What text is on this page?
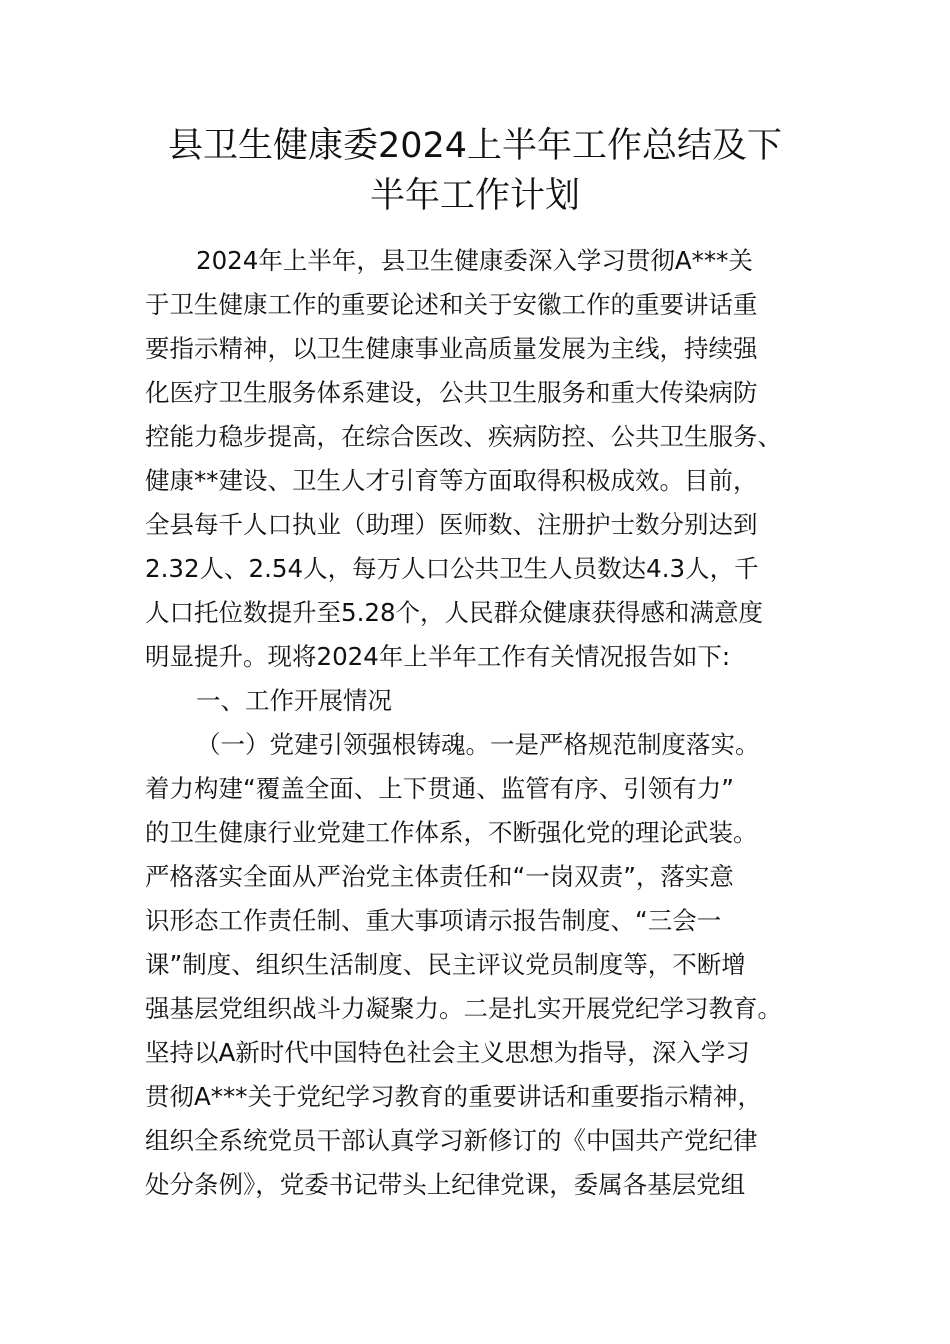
县卫生健康委2024上半年工作总结及下
半年工作计划

2024年上半年，县卫生健康委深入学习贯彻A***关

于卫生健康工作的重要论述和关于安徽工作的重要讲话重

要指示精神，以卫生健康事业高质量发展为主线，持续强

化医疗卫生服务体系建设，公共卫生服务和重大传染病防

控能力稳步提高，在综合医改、疾病防控、公共卫生服务、

健康**建设、卫生人才引育等方面取得积极成效。目前，

全县每千人口执业（助理）医师数、注册护士数分别达到

2.32人、2.54人，每万人口公共卫生人员数达4.3人，千

人口托位数提升至5.28个，人民群众健康获得感和满意度

明显提升。现将2024年上半年工作有关情况报告如下:

一、工作开展情况

（一）党建引领强根铸魂。一是严格规范制度落实。

着力构建“覆盖全面、上下贯通、监管有序、引领有力”

的卫生健康行业党建工作体系，不断强化党的理论武装。

严格落实全面从严治党主体责任和“一岗双责”，落实意

识形态工作责任制、重大事项请示报告制度、“三会一

课”制度、组织生活制度、民主评议党员制度等，不断增

强基层党组织战斗力凝聚力。二是扎实开展党纪学习教育。

坚持以A新时代中国特色社会主义思想为指导，深入学习

贯彻A***关于党纪学习教育的重要讲话和重要指示精神，

组织全系统党员干部认真学习新修订的《中国共产党纪律

处分条例》，党委书记带头上纪律党课，委属各基层党组
